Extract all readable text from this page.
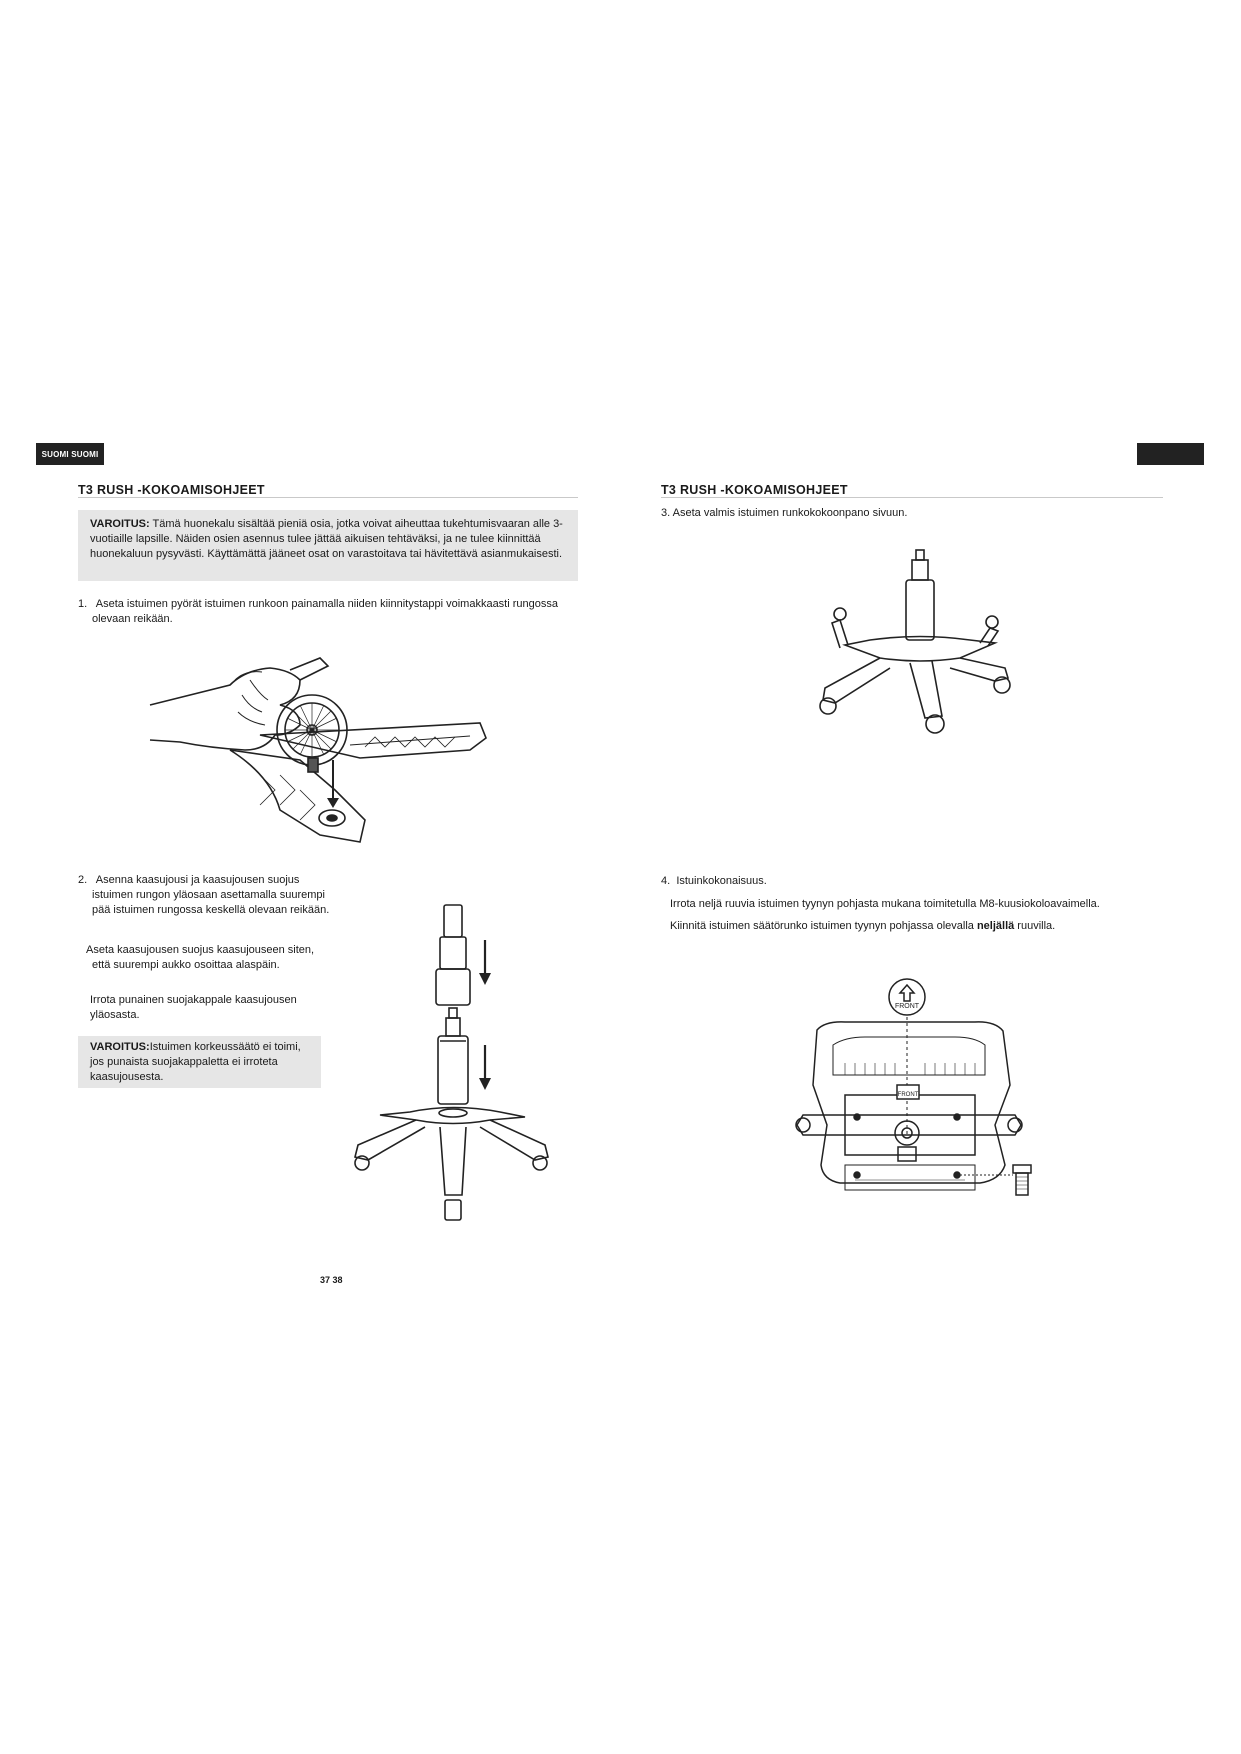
SUOMI SUOMI
T3 RUSH -KOKOAMISOHJEET
VAROITUS: Tämä huonekalu sisältää pieniä osia, jotka voivat aiheuttaa tukehtumisvaaran alle 3-vuotiaille lapsille. Näiden osien asennus tulee jättää aikuisen tehtäväksi, ja ne tulee kiinnittää huonekaluun pysyvästi. Käyttämättä jääneet osat on varastoitava tai hävitettävä asianmukaisesti.
1. Aseta istuimen pyörät istuimen runkoon painamalla niiden kiinnitystappi voimakkaasti rungossa olevaan reikään.
2. Asenna kaasujousi ja kaasujousen suojus istuimen rungon yläosaan asettamalla suurempi pää istuimen rungossa keskellä olevaan reikään.
Aseta kaasujousen suojus kaasujouseen siten, että suurempi aukko osoittaa alaspäin.
Irrota punainen suojakappale kaasujousen yläosasta.
VAROITUS:Istuimen korkeussäätö ei toimi, jos punaista suojakappaletta ei irroteta kaasujousesta.
37 38
T3 RUSH -KOKOAMISOHJEET
3. Aseta valmis istuimen runkokokoonpano sivuun.
4. Istuinkokonaisuus.
Irrota neljä ruuvia istuimen tyynyn pohjasta mukana toimitetulla M8-kuusiokoloavaimella.
Kiinnitä istuimen säätörunko istuimen tyynyn pohjassa olevalla neljällä ruuvilla.
FRONT
FRONT
